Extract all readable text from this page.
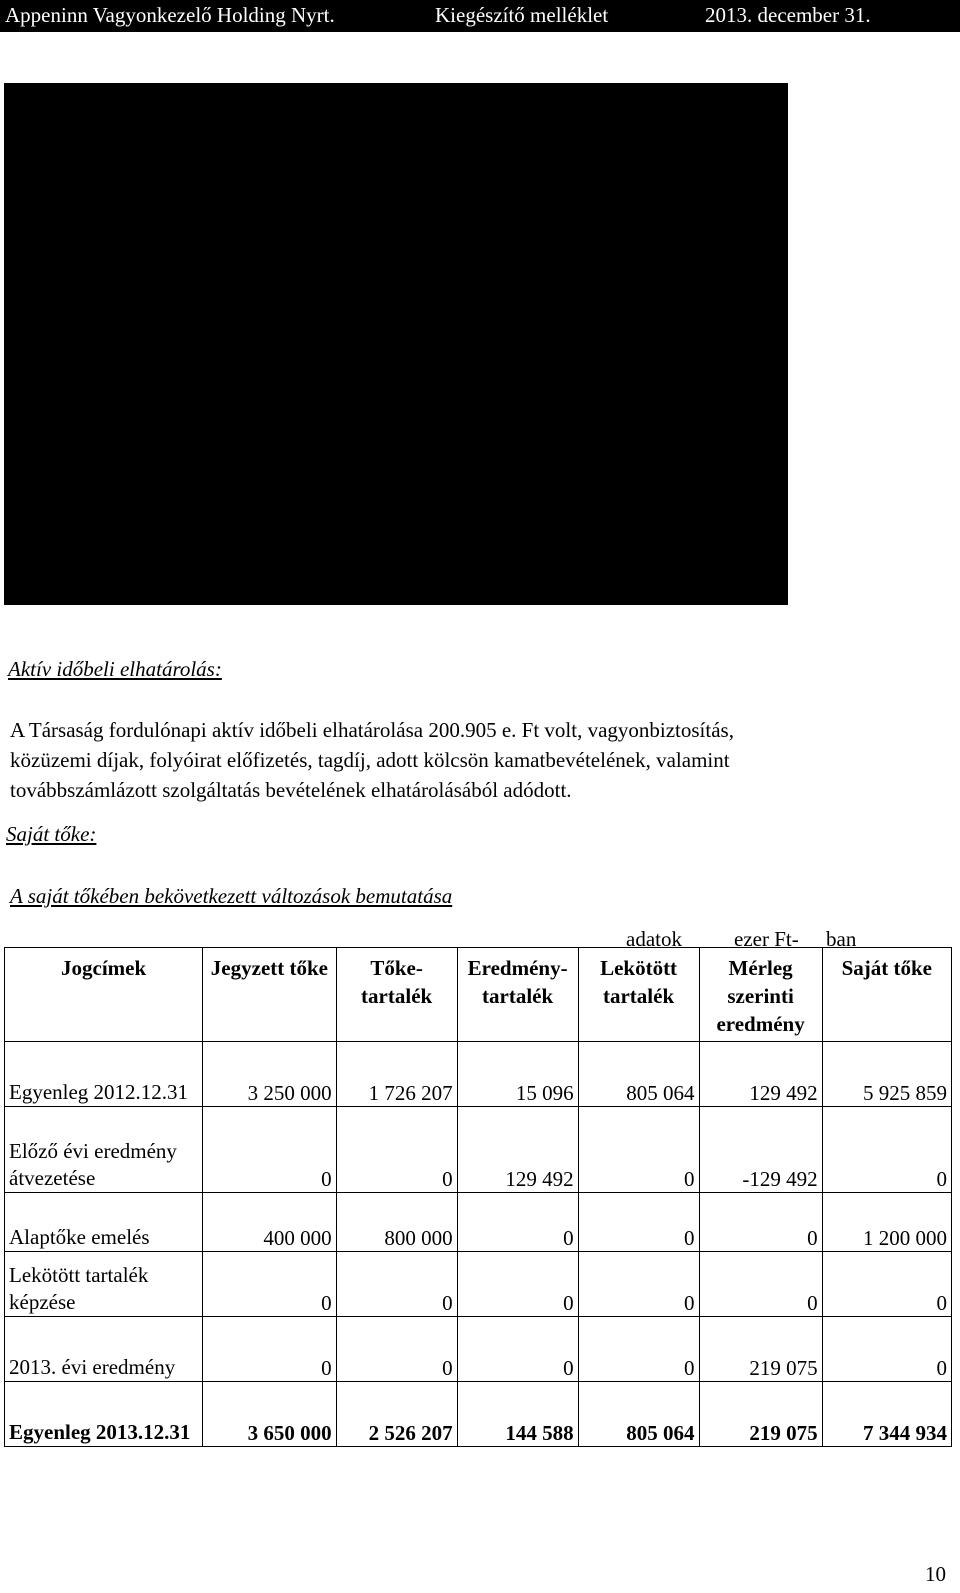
Appeninn Vagyonkezelő Holding Nyrt.	Kiegészítő melléklet	2013. december 31.
Aktív időbeli elhatárolás:
A Társaság fordulónapi aktív időbeli elhatárolása 200.905 e. Ft volt, vagyonbiztosítás,
közüzemi díjak, folyóirat előfizetés, tagdíj, adott kölcsön kamatbevételének, valamint
továbbszámlázott szolgáltatás bevételének elhatárolásából adódott.
Saját tőke:
A saját tőkében bekövetkezett változások bemutatása
adatok ezer Ft- ban
Jogcímek	Jegyzett tőke	Tőke-tartalék	Eredmény-tartalék	Lekötött tartalék	Mérleg szerinti eredmény	Saját tőke
Egyenleg 2012.12.31	3 250 000	1 726 207	15 096	805 064	129 492	5 925 859
Előző évi eredmény átvezetése	0	0	129 492	0	-129 492	0
Alaptőke emelés	400 000	800 000	0	0	0	1 200 000
Lekötött tartalék képzése	0	0	0	0	0	0
2013. évi eredmény	0	0	0	0	219 075	0
Egyenleg 2013.12.31	3 650 000	2 526 207	144 588	805 064	219 075	7 344 934
10
